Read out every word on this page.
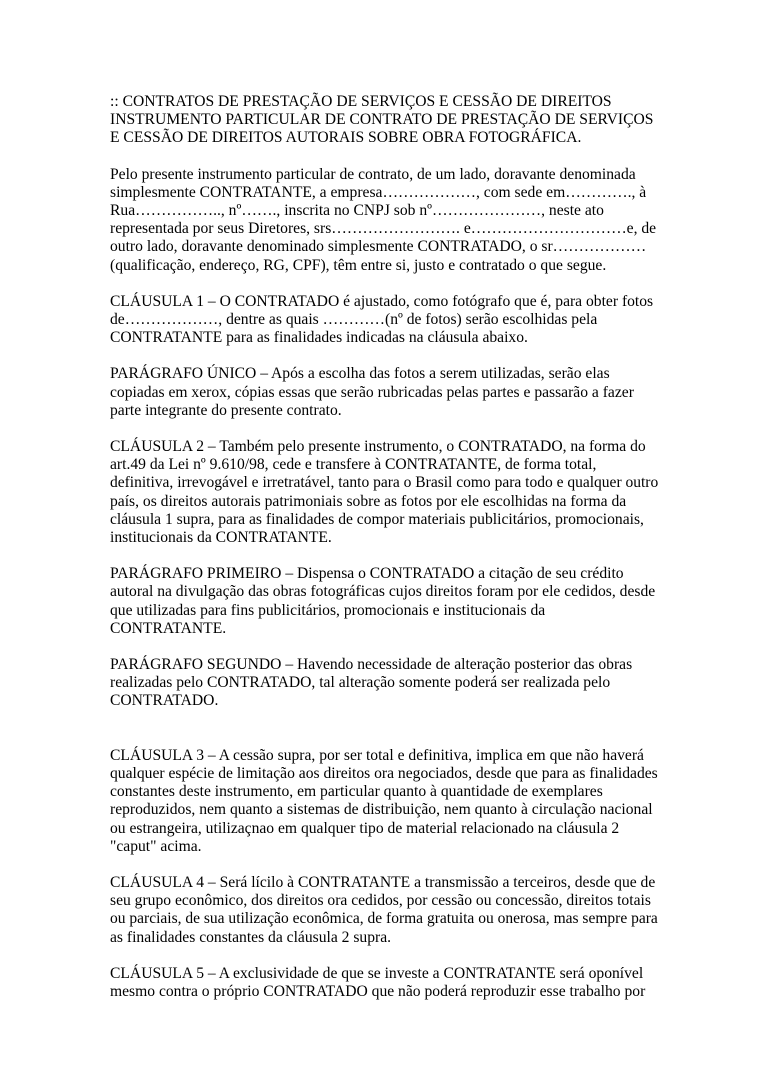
:: CONTRATOS DE PRESTAÇÃO DE SERVIÇOS E CESSÃO DE DIREITOS
INSTRUMENTO PARTICULAR DE CONTRATO DE PRESTAÇÃO DE SERVIÇOS
E CESSÃO DE DIREITOS AUTORAIS SOBRE OBRA FOTOGRÁFICA.
Pelo presente instrumento particular de contrato, de um lado, doravante denominada
simplesmente CONTRATANTE, a empresa………………, com sede em…………., à
Rua…………….., nº……., inscrita no CNPJ sob nº…………………, neste ato
representada por seus Diretores, srs……………………. e…………………………e, de
outro lado, doravante denominado simplesmente CONTRATADO, o sr………………
(qualificação, endereço, RG, CPF), têm entre si, justo e contratado o que segue.
CLÁUSULA 1 – O CONTRATADO é ajustado, como fotógrafo que é, para obter fotos
de………………, dentre as quais …………(nº de fotos) serão escolhidas pela
CONTRATANTE para as finalidades indicadas na cláusula abaixo.
PARÁGRAFO ÚNICO – Após a escolha das fotos a serem utilizadas, serão elas
copiadas em xerox, cópias essas que serão rubricadas pelas partes e passarão a fazer
parte integrante do presente contrato.
CLÁUSULA 2 – Também pelo presente instrumento, o CONTRATADO, na forma do
art.49 da Lei nº 9.610/98, cede e transfere à CONTRATANTE, de forma total,
definitiva, irrevogável e irretratável, tanto para o Brasil como para todo e qualquer outro
país, os direitos autorais patrimoniais sobre as fotos por ele escolhidas na forma da
cláusula 1 supra, para as finalidades de compor materiais publicitários, promocionais,
institucionais da CONTRATANTE.
PARÁGRAFO PRIMEIRO – Dispensa o CONTRATADO a citação de seu crédito
autoral na divulgação das obras fotográficas cujos direitos foram por ele cedidos, desde
que utilizadas para fins publicitários, promocionais e institucionais da
CONTRATANTE.
PARÁGRAFO SEGUNDO – Havendo necessidade de alteração posterior das obras
realizadas pelo CONTRATADO, tal alteração somente poderá ser realizada pelo
CONTRATADO.
CLÁUSULA 3 – A cessão supra, por ser total e definitiva, implica em que não haverá
qualquer espécie de limitação aos direitos ora negociados, desde que para as finalidades
constantes deste instrumento, em particular quanto à quantidade de exemplares
reproduzidos, nem quanto a sistemas de distribuição, nem quanto à circulação nacional
ou estrangeira, utilizaçnao em qualquer tipo de material relacionado na cláusula 2
"caput" acima.
CLÁUSULA 4 – Será lícilo à CONTRATANTE a transmissão a terceiros, desde que de
seu grupo econômico, dos direitos ora cedidos, por cessão ou concessão, direitos totais
ou parciais, de sua utilização econômica, de forma gratuita ou onerosa, mas sempre para
as finalidades constantes da cláusula 2 supra.
CLÁUSULA 5 – A exclusividade de que se investe a CONTRATANTE será oponível
mesmo contra o próprio CONTRATADO que não poderá reproduzir esse trabalho por
